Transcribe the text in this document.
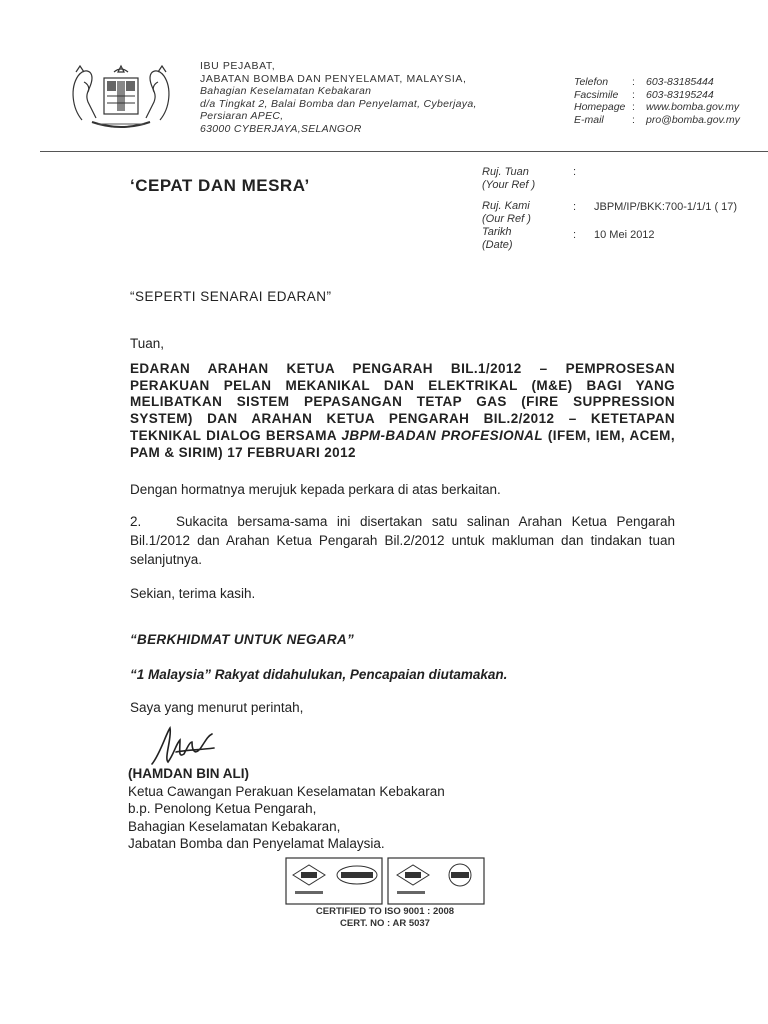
IBU PEJABAT,
JABATAN BOMBA DAN PENYELAMAT, MALAYSIA,
Bahagian Keselamatan Kebakaran
d/a Tingkat 2, Balai Bomba dan Penyelamat, Cyberjaya,
Persiaran APEC,
63000 CYBERJAYA,SELANGOR
Telefon	:	603-83185444
Facsimile	:	603-83195244
Homepage :	www.bomba.gov.my
E-mail	:	pro@bomba.gov.my
‘CEPAT DAN MESRA’
Ruj. Tuan
(Your Ref )
:
Ruj. Kami
(Our Ref )
: JBPM/IP/BKK:700-1/1/1 ( 17)
Tarikh
(Date)
: 10 Mei 2012
“SEPERTI SENARAI EDARAN”
Tuan,
EDARAN ARAHAN KETUA PENGARAH BIL.1/2012 – PEMPROSESAN PERAKUAN PELAN MEKANIKAL DAN ELEKTRIKAL (M&E) BAGI YANG MELIBATKAN SISTEM PEPASANGAN TETAP GAS (FIRE SUPPRESSION SYSTEM) DAN ARAHAN KETUA PENGARAH BIL.2/2012 – KETETAPAN TEKNIKAL DIALOG BERSAMA JBPM-BADAN PROFESIONAL (IFEM, IEM, ACEM, PAM & SIRIM) 17 FEBRUARI 2012
Dengan hormatnya merujuk kepada perkara di atas berkaitan.
2.	Sukacita bersama-sama ini disertakan satu salinan Arahan Ketua Pengarah Bil.1/2012 dan Arahan Ketua Pengarah Bil.2/2012 untuk makluman dan tindakan tuan selanjutnya.
Sekian, terima kasih.
“BERKHIDMAT UNTUK NEGARA”
“1 Malaysia” Rakyat didahulukan, Pencapaian diutamakan.
Saya yang menurut perintah,
(HAMDAN BIN ALI)
Ketua Cawangan Perakuan Keselamatan Kebakaran
b.p. Penolong Ketua Pengarah,
Bahagian Keselamatan Kebakaran,
Jabatan Bomba dan Penyelamat Malaysia.
CERTIFIED TO ISO 9001 : 2008
CERT. NO : AR 5037
